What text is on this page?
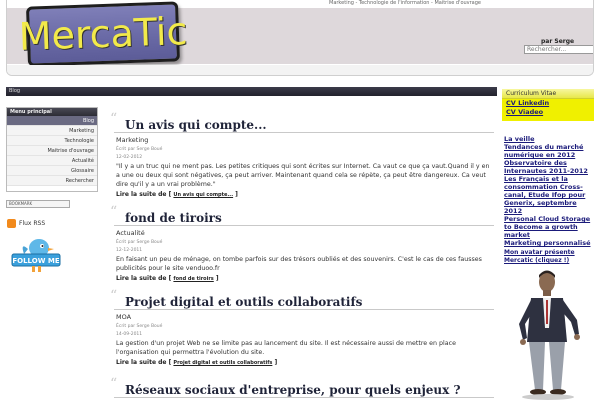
Marketing - Technologie de l'information - Maitrise d'ouvrage
MercaTic	par Serge
Rechercher...
Blog
Menu principal
Blog
Marketing
Technologie
Maitrise d'ouvrage
Actualité
Glossaire
Rechercher
BOOKMARK
Flux RSS
FOLLOW ME
“ Un avis qui compte...
Marketing
Écrit par Serge Boué
12-02-2012
"Il y a un truc qui ne ment pas. Les petites critiques qui sont écrites sur Internet. Ca vaut ce que ça vaut.Quand il y en a une ou deux qui sont négatives, ça peut arriver. Maintenant quand cela se répète, ça peut être dangereux. Ca veut dire qu'il y a un vrai problème."
Lire la suite de [ Un avis qui compte... ]
“ fond de tiroirs
Actualité
Écrit par Serge Boué
12-12-2011
En faisant un peu de ménage, on tombe parfois sur des trésors oubliés et des souvenirs. C'est le cas de ces fausses publicités pour le site venduoo.fr
Lire la suite de [ fond de tiroirs ]
“ Projet digital et outils collaboratifs
MOA
Écrit par Serge Boué
14-09-2011
La gestion d'un projet Web ne se limite pas au lancement du site. Il est nécessaire aussi de mettre en place l'organisation qui permettra l'évolution du site.
Lire la suite de [ Projet digital et outils collaboratifs ]
“ Réseaux sociaux d'entreprise, pour quels enjeux ?
Curriculum Vitae
CV Linkedin
CV Viadeo
La veille
Tendances du marché numérique en 2012
Observatoire des Internautes 2011-2012
Les Français et la consommation Cross-canal, Etude Ifop pour Generix, septembre 2012
Personal Cloud Storage to Become a growth market
Marketing personnalisé
Mon avatar présente Mercatic (cliquez !)
